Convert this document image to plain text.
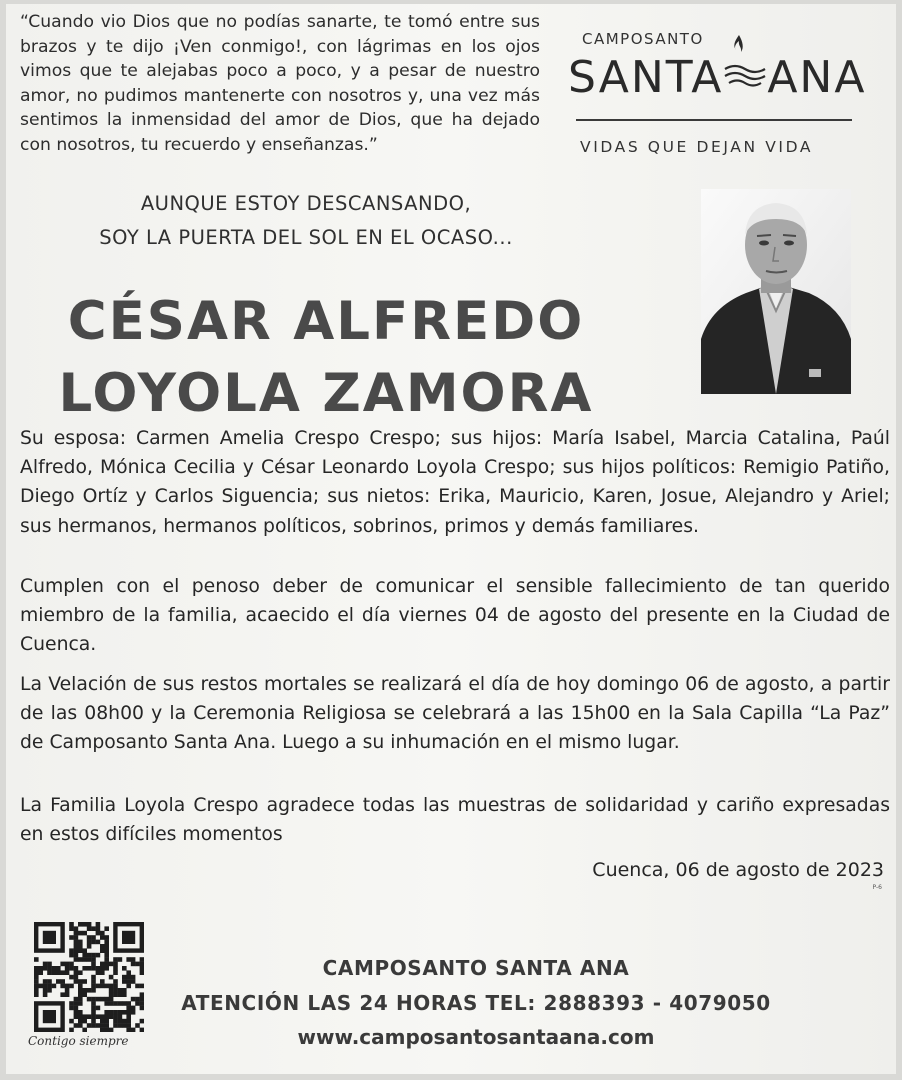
“Cuando vio Dios que no podías sanarte, te tomó entre sus brazos y te dijo ¡Ven conmigo!, con lágrimas en los ojos vimos que te alejabas poco a poco, y a pesar de nuestro amor, no pudimos mantenerte con nosotros y, una vez más sentimos la inmensidad del amor de Dios, que ha dejado con nosotros, tu recuerdo y enseñanzas.”
CAMPOSANTO
SANTA ANA
VIDAS QUE DEJAN VIDA
AUNQUE ESTOY DESCANSANDO,
SOY LA PUERTA DEL SOL EN EL OCASO...
CÉSAR ALFREDO
LOYOLA ZAMORA
Su esposa: Carmen Amelia Crespo Crespo; sus hijos: María Isabel, Marcia Catalina, Paúl Alfredo, Mónica Cecilia y César Leonardo Loyola Crespo; sus hijos políticos: Remigio Patiño, Diego Ortíz y Carlos Siguencia; sus nietos: Erika, Mauricio, Karen, Josue, Alejandro y Ariel; sus hermanos, hermanos políticos, sobrinos, primos y demás familiares.
Cumplen con el penoso deber de comunicar el sensible fallecimiento de tan querido miembro de la familia, acaecido el día viernes 04 de agosto del presente en la Ciudad de Cuenca.
La Velación de sus restos mortales se realizará el día de hoy domingo 06 de agosto, a partir de las 08h00 y la Ceremonia Religiosa se celebrará a las 15h00 en la Sala Capilla “La Paz” de Camposanto Santa Ana. Luego a su inhumación en el mismo lugar.
La Familia Loyola Crespo agradece todas las muestras de solidaridad y cariño expresadas en estos difíciles momentos
Cuenca, 06 de agosto de 2023
P-6
Contigo siempre
CAMPOSANTO SANTA ANA
ATENCIÓN LAS 24 HORAS TEL: 2888393 - 4079050
www.camposantosantaana.com
